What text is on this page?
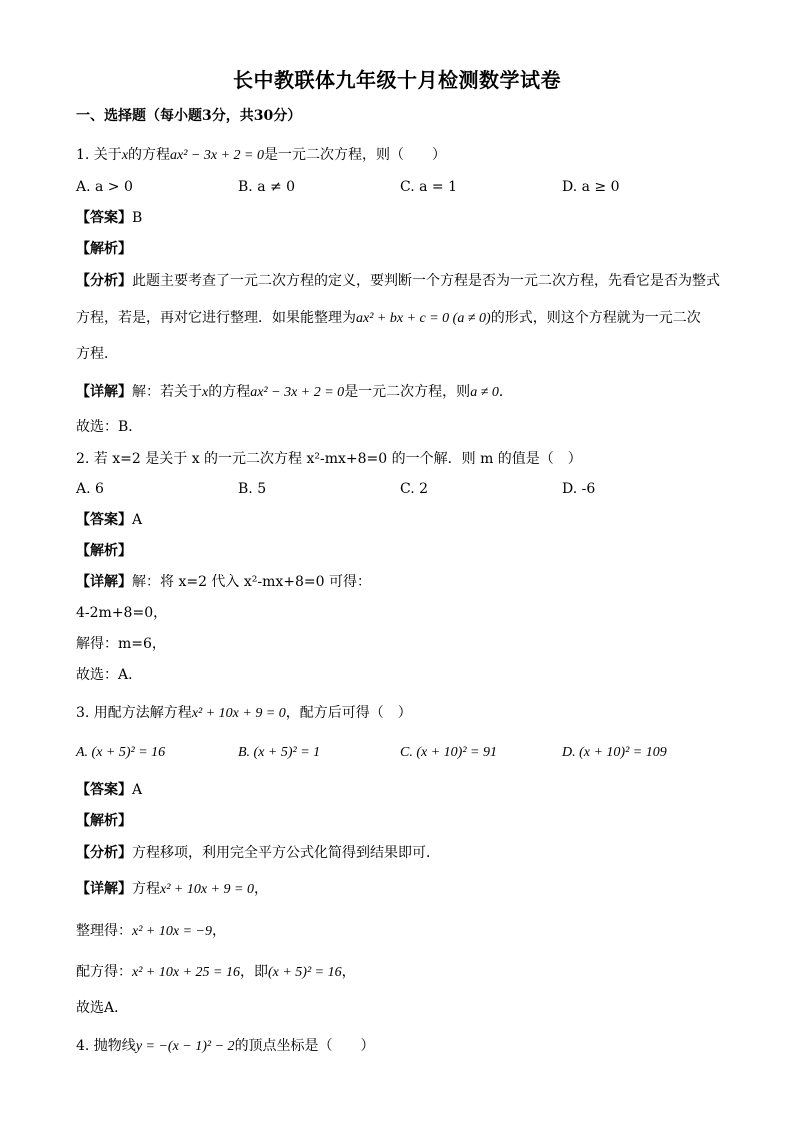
长中教联体九年级十月检测数学试卷
一、选择题（每小题3分，共30分）
1. 关于x的方程ax² − 3x + 2 = 0是一元二次方程，则（　　）
A. a > 0	B. a ≠ 0	C. a = 1	D. a ≥ 0
【答案】B
【解析】
【分析】此题主要考查了一元二次方程的定义，要判断一个方程是否为一元二次方程，先看它是否为整式
方程，若是，再对它进行整理．如果能整理为ax² + bx + c = 0 (a ≠ 0)的形式，则这个方程就为一元二次
方程．
【详解】解：若关于x的方程ax² − 3x + 2 = 0是一元二次方程，则a ≠ 0．
故选：B．
2. 若 x=2 是关于 x 的一元二次方程 x²-mx+8=0 的一个解．则 m 的值是（　）
A. 6	B. 5	C. 2	D. -6
【答案】A
【解析】
【详解】解：将 x=2 代入 x²-mx+8=0 可得：
4-2m+8=0，
解得：m=6，
故选：A．
3. 用配方法解方程x² + 10x + 9 = 0，配方后可得（　）
A. (x + 5)² = 16	B. (x + 5)² = 1	C. (x + 10)² = 91	D. (x + 10)² = 109
【答案】A
【解析】
【分析】方程移项，利用完全平方公式化简得到结果即可．
【详解】方程x² + 10x + 9 = 0，
整理得：x² + 10x = −9，
配方得：x² + 10x + 25 = 16，即(x + 5)² = 16，
故选A．
4. 抛物线y = −(x − 1)² − 2的顶点坐标是（　　）
